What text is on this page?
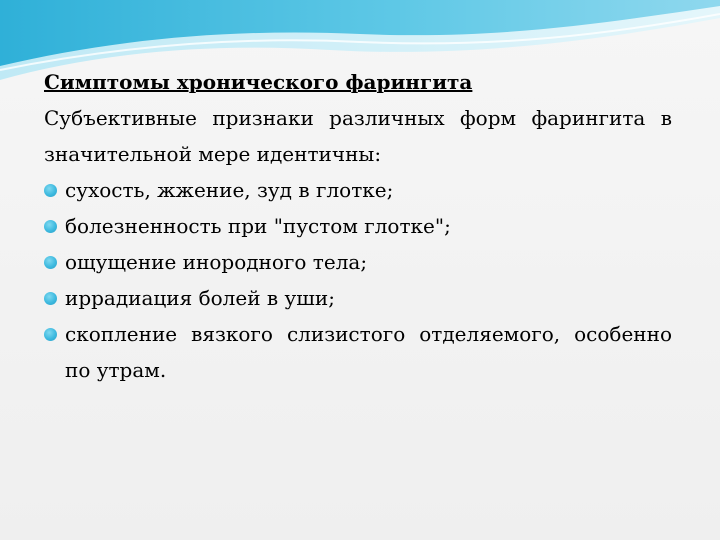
Симптомы хронического фарингита

Субъективные признаки различных форм фарингита в значительной мере идентичны:

сухость, жжение, зуд в глотке;
болезненность при "пустом глотке";
ощущение инородного тела;
иррадиация болей в уши;
скопление вязкого слизистого отделяемого, особенно по утрам.
